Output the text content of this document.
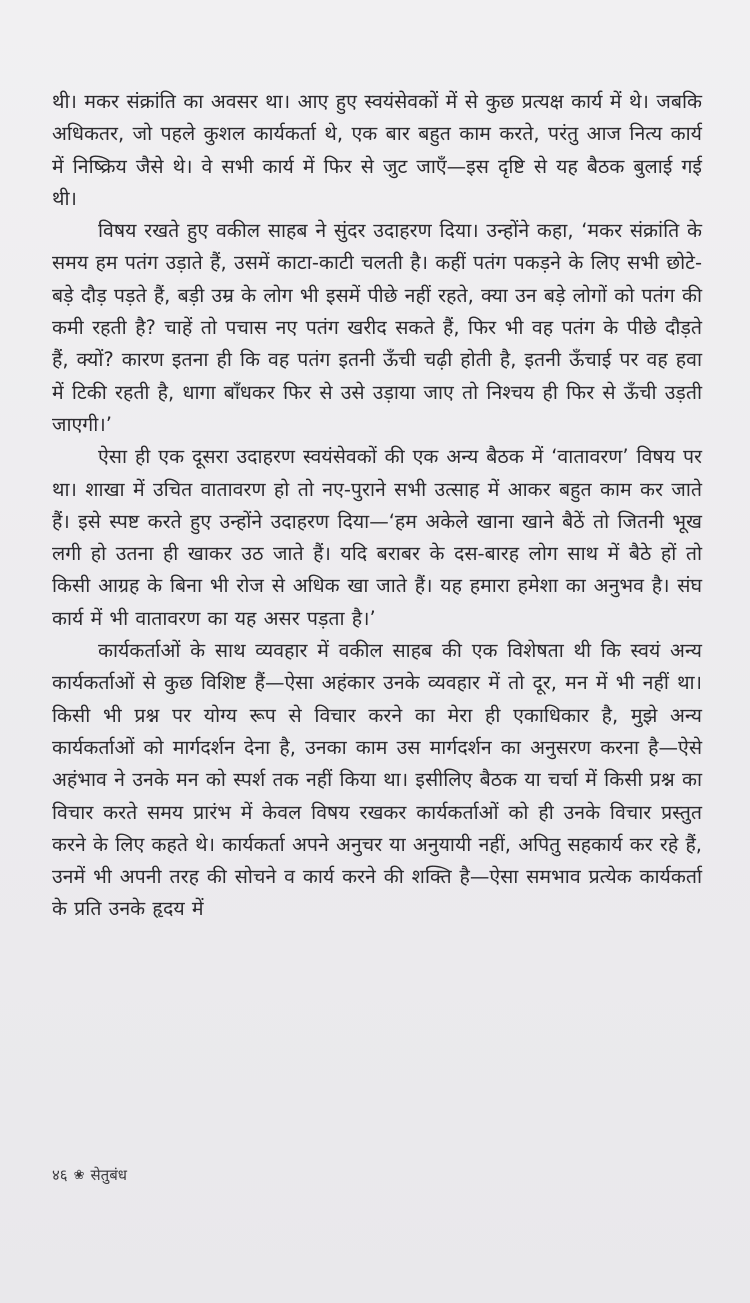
थी। मकर संक्रांति का अवसर था। आए हुए स्वयंसेवकों में से कुछ प्रत्यक्ष कार्य में थे। जबकि अधिकतर, जो पहले कुशल कार्यकर्ता थे, एक बार बहुत काम करते, परंतु आज नित्य कार्य में निष्क्रिय जैसे थे। वे सभी कार्य में फिर से जुट जाएँ—इस दृष्टि से यह बैठक बुलाई गई थी।

विषय रखते हुए वकील साहब ने सुंदर उदाहरण दिया। उन्होंने कहा, ‘मकर संक्रांति के समय हम पतंग उड़ाते हैं, उसमें काटा-काटी चलती है। कहीं पतंग पकड़ने के लिए सभी छोटे-बड़े दौड़ पड़ते हैं, बड़ी उम्र के लोग भी इसमें पीछे नहीं रहते, क्या उन बड़े लोगों को पतंग की कमी रहती है? चाहें तो पचास नए पतंग खरीद सकते हैं, फिर भी वह पतंग के पीछे दौड़ते हैं, क्यों? कारण इतना ही कि वह पतंग इतनी ऊँची चढ़ी होती है, इतनी ऊँचाई पर वह हवा में टिकी रहती है, धागा बाँधकर फिर से उसे उड़ाया जाए तो निश्चय ही फिर से ऊँची उड़ती जाएगी।’

ऐसा ही एक दूसरा उदाहरण स्वयंसेवकों की एक अन्य बैठक में ‘वातावरण’ विषय पर था। शाखा में उचित वातावरण हो तो नए-पुराने सभी उत्साह में आकर बहुत काम कर जाते हैं। इसे स्पष्ट करते हुए उन्होंने उदाहरण दिया—‘हम अकेले खाना खाने बैठें तो जितनी भूख लगी हो उतना ही खाकर उठ जाते हैं। यदि बराबर के दस-बारह लोग साथ में बैठे हों तो किसी आग्रह के बिना भी रोज से अधिक खा जाते हैं। यह हमारा हमेशा का अनुभव है। संघ कार्य में भी वातावरण का यह असर पड़ता है।’

कार्यकर्ताओं के साथ व्यवहार में वकील साहब की एक विशेषता थी कि स्वयं अन्य कार्यकर्ताओं से कुछ विशिष्ट हैं—ऐसा अहंकार उनके व्यवहार में तो दूर, मन में भी नहीं था। किसी भी प्रश्न पर योग्य रूप से विचार करने का मेरा ही एकाधिकार है, मुझे अन्य कार्यकर्ताओं को मार्गदर्शन देना है, उनका काम उस मार्गदर्शन का अनुसरण करना है—ऐसे अहंभाव ने उनके मन को स्पर्श तक नहीं किया था। इसीलिए बैठक या चर्चा में किसी प्रश्न का विचार करते समय प्रारंभ में केवल विषय रखकर कार्यकर्ताओं को ही उनके विचार प्रस्तुत करने के लिए कहते थे। कार्यकर्ता अपने अनुचर या अनुयायी नहीं, अपितु सहकार्य कर रहे हैं, उनमें भी अपनी तरह की सोचने व कार्य करने की शक्ति है—ऐसा समभाव प्रत्येक कार्यकर्ता के प्रति उनके हृदय में

४६ ❀ सेतुबंध
